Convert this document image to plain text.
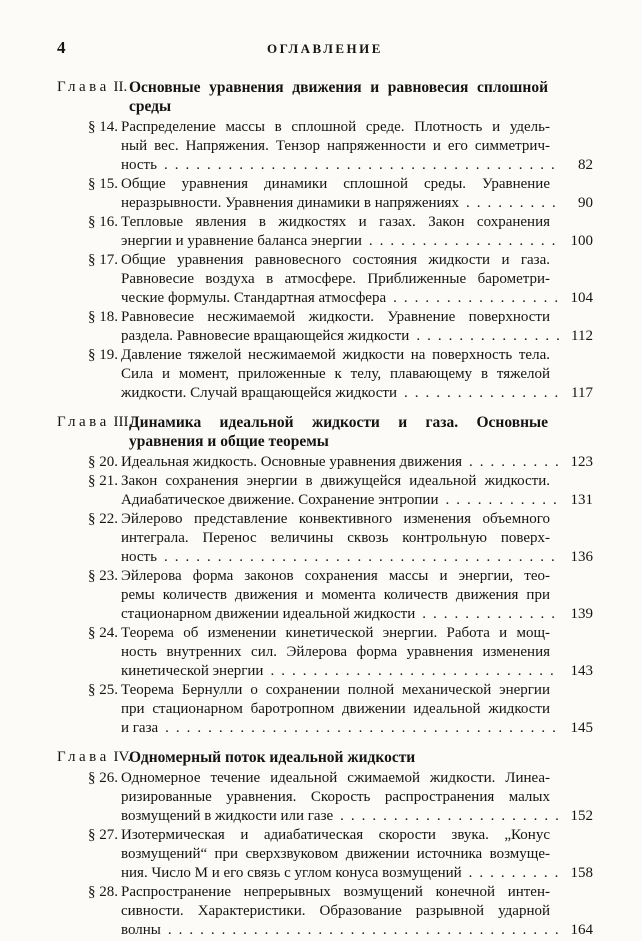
4	ОГЛАВЛЕНИЕ
Глава II. Основные уравнения движения и равновесия сплошной
среды
§ 14. Распределение массы в сплошной среде. Плотность и удель-
ный вес. Напряжения. Тензор напряженности и его симметрич-
ность .....	82
§ 15. Общие уравнения динамики сплошной среды. Уравнение
неразрывности. Уравнения динамики в напряжениях .....	90
§ 16. Тепловые явления в жидкостях и газах. Закон сохранения
энергии и уравнение баланса энергии .....	100
§ 17. Общие уравнения равновесного состояния жидкости и газа.
Равновесие воздуха в атмосфере. Приближенные барометри-
ческие формулы. Стандартная атмосфера .....	104
§ 18. Равновесие несжимаемой жидкости. Уравнение поверхности
раздела. Равновесие вращающейся жидкости .....	112
§ 19. Давление тяжелой несжимаемой жидкости на поверхность тела.
Сила и момент, приложенные к телу, плавающему в тяжелой
жидкости. Случай вращающейся жидкости .....	117
Глава III.
Динамика идеальной жидкости и газа. Основные
уравнения и общие теоремы
§ 20. Идеальная жидкость. Основные уравнения движения .....	123
§ 21. Закон сохранения энергии в движущейся идеальной жидкости.
Адиабатическое движение. Сохранение энтропии .....	131
§ 22. Эйлерово представление конвективного изменения объемного
интеграла. Перенос величины сквозь контрольную поверх-
ность .....	136
§ 23. Эйлерова форма законов сохранения массы и энергии, тео-
ремы количеств движения и момента количеств движения при
стационарном движении идеальной жидкости .....	139
§ 24. Теорема об изменении кинетической энергии. Работа и мощ-
ность внутренних сил. Эйлерова форма уравнения изменения
кинетической энергии .....	143
§ 25. Теорема Бернулли о сохранении полной механической энергии
при стационарном баротропном движении идеальной жидкости
и газа .....	145
Глава IV.
Одномерный поток идеальной жидкости
§ 26. Одномерное течение идеальной сжимаемой жидкости. Линеа-
ризированные уравнения. Скорость распространения малых
возмущений в жидкости или газе .....	152
§ 27. Изотермическая и адиабатическая скорости звука. „Конус
возмущений“ при сверхзвуковом движении источника возмуще-
ния. Число М и его связь с углом конуса возмущений .....	158
§ 28. Распространение непрерывных возмущений конечной интен-
сивности. Характеристики. Образование разрывной ударной
волны .....	164
